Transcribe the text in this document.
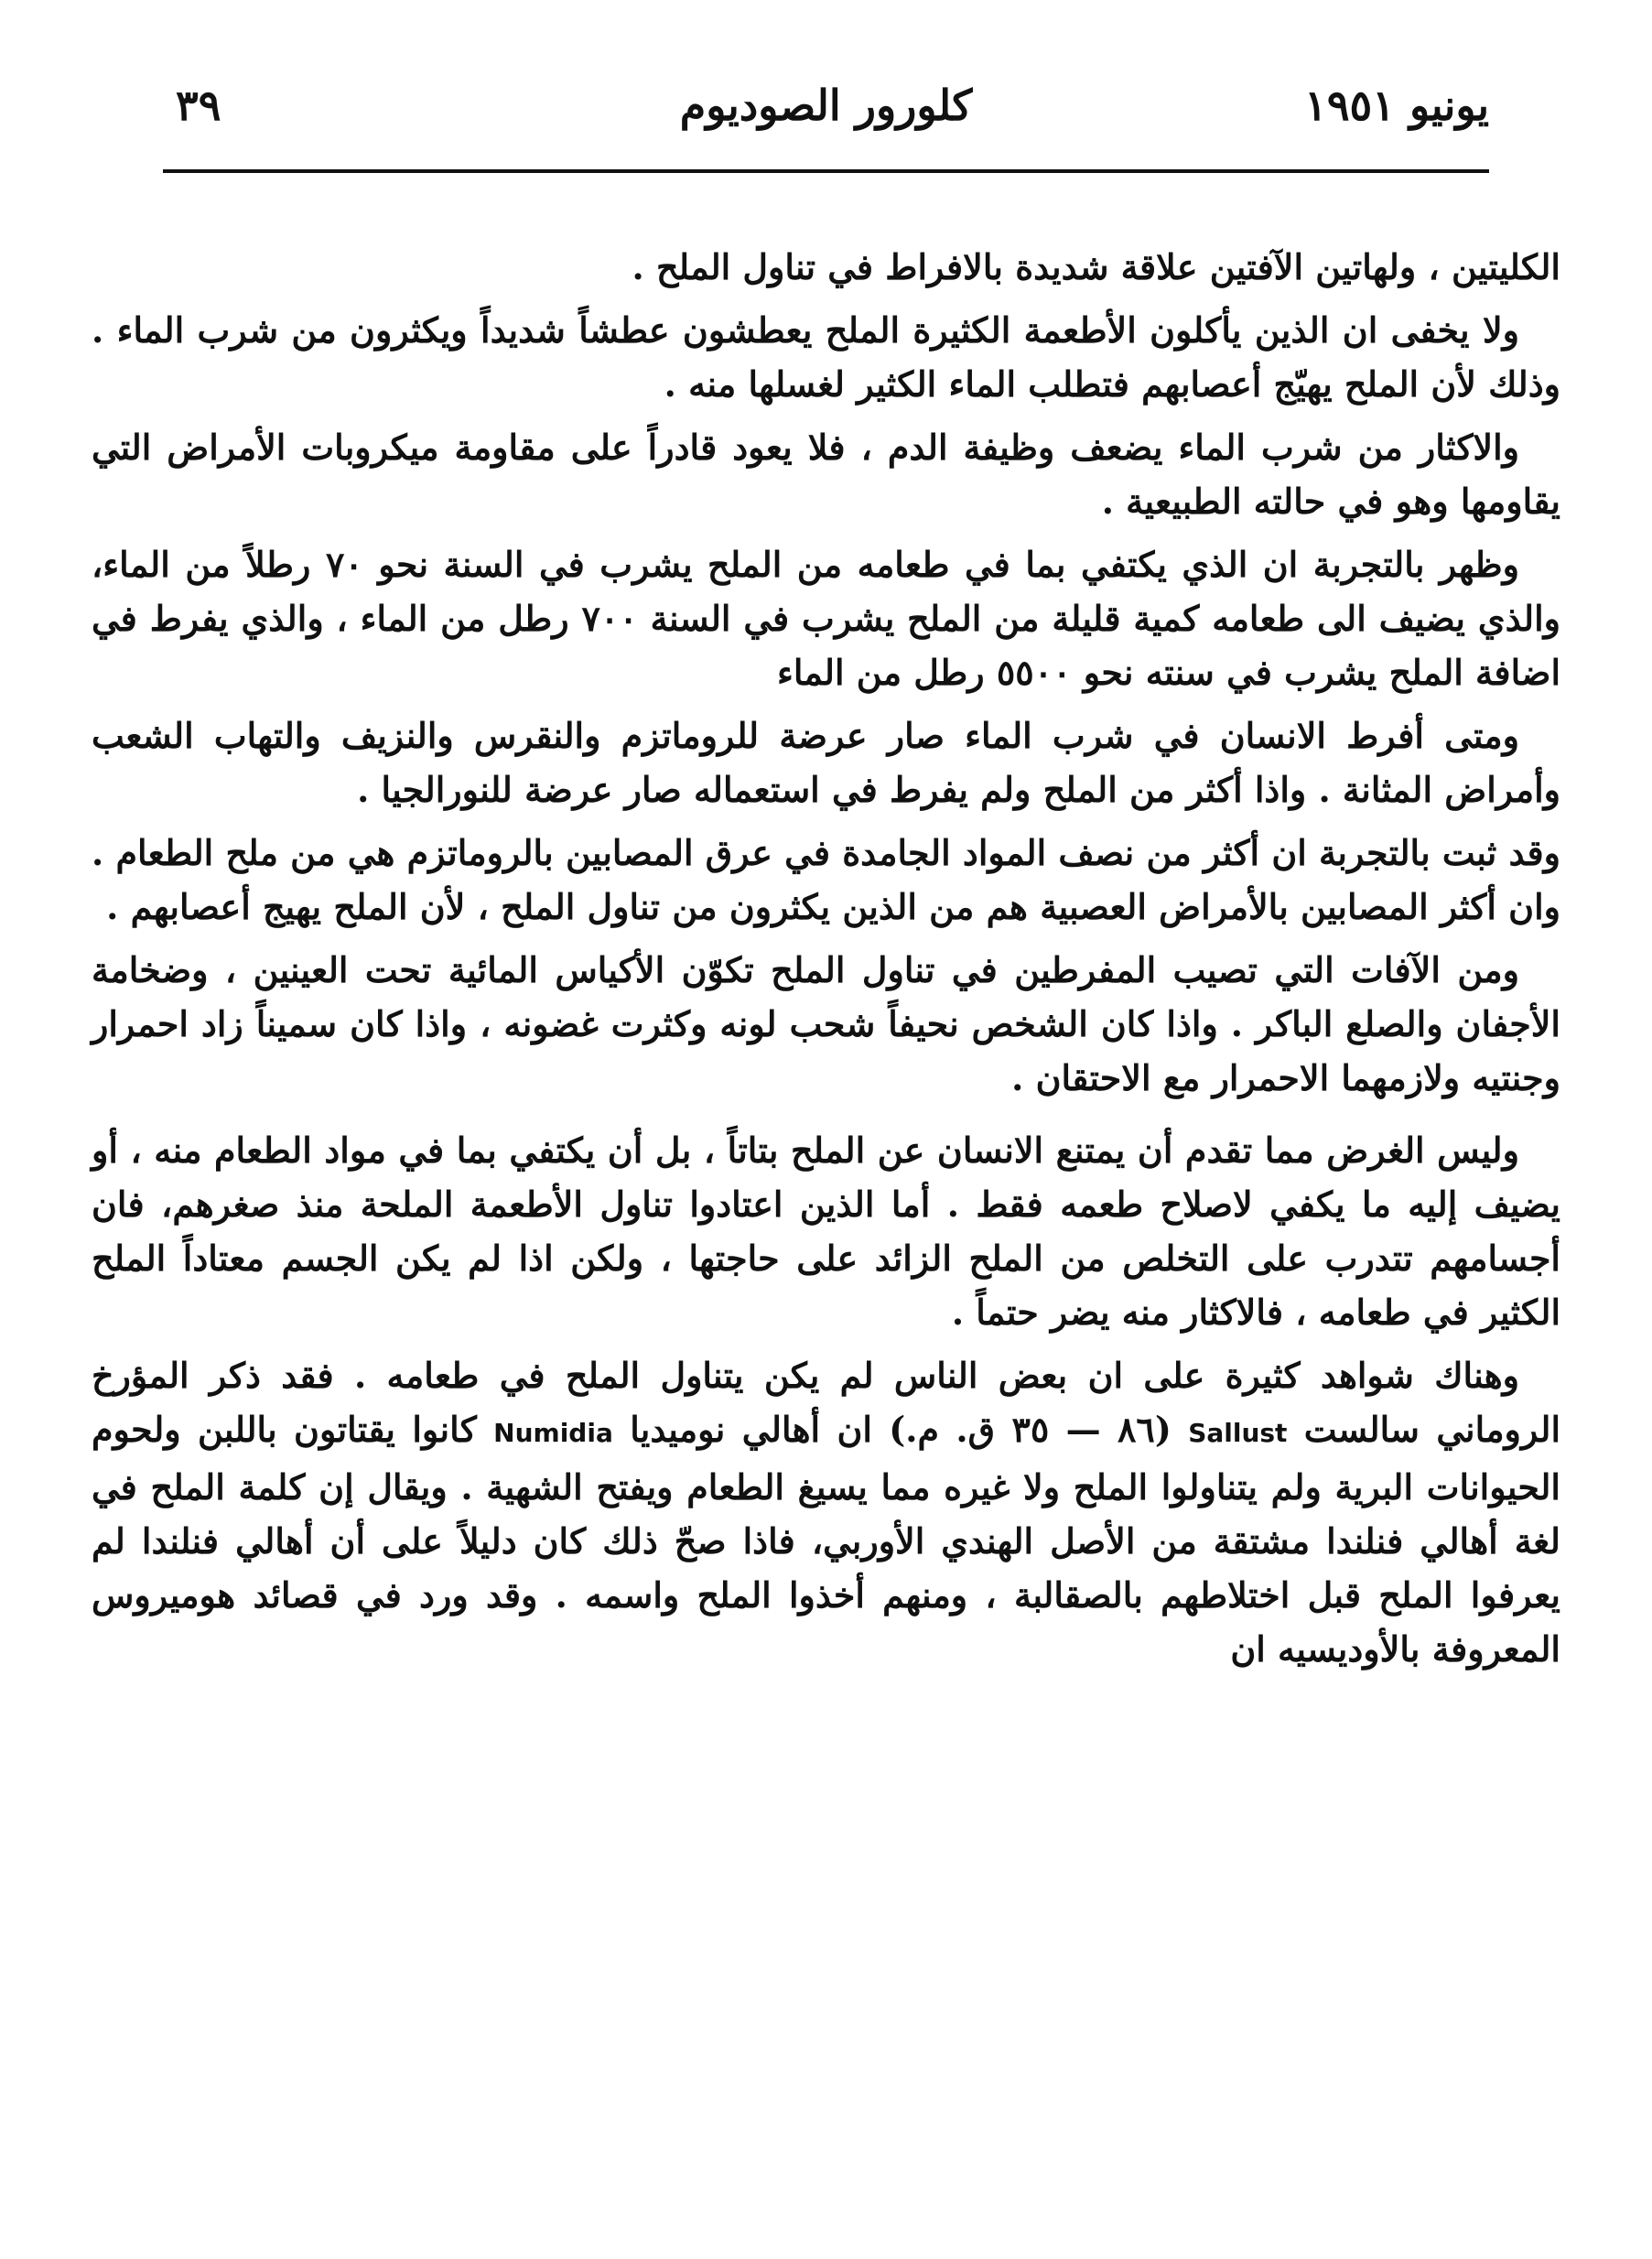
يونيو ١٩٥١
كلورور الصوديوم
٣٩

الكليتين ، ولهاتين الآفتين علاقة شديدة بالافراط في تناول الملح .

ولا يخفى ان الذين يأكلون الأطعمة الكثيرة الملح يعطشون عطشاً شديداً ويكثرون من شرب الماء . وذلك لأن الملح يهيّج أعصابهم فتطلب الماء الكثير لغسلها منه .

والاكثار من شرب الماء يضعف وظيفة الدم ، فلا يعود قادراً على مقاومة ميكروبات الأمراض التي يقاومها وهو في حالته الطبيعية .

وظهر بالتجربة ان الذي يكتفي بما في طعامه من الملح يشرب في السنة نحو ٧٠ رطلاً من الماء، والذي يضيف الى طعامه كمية قليلة من الملح يشرب في السنة ٧٠٠ رطل من الماء ، والذي يفرط في اضافة الملح يشرب في سنته نحو ٥٥٠٠ رطل من الماء

ومتى أفرط الانسان في شرب الماء صار عرضة للروماتزم والنقرس والنزيف والتهاب الشعب وأمراض المثانة . واذا أكثر من الملح ولم يفرط في استعماله صار عرضة للنورالجيا .

وقد ثبت بالتجربة ان أكثر من نصف المواد الجامدة في عرق المصابين بالروماتزم هي من ملح الطعام . وان أكثر المصابين بالأمراض العصبية هم من الذين يكثرون من تناول الملح ، لأن الملح يهيج أعصابهم .

ومن الآفات التي تصيب المفرطين في تناول الملح تكوّن الأكياس المائية تحت العينين ، وضخامة الأجفان والصلع الباكر . واذا كان الشخص نحيفاً شحب لونه وكثرت غضونه ، واذا كان سميناً زاد احمرار وجنتيه ولازمهما الاحمرار مع الاحتقان .

وليس الغرض مما تقدم أن يمتنع الانسان عن الملح بتاتاً ، بل أن يكتفي بما في مواد الطعام منه ، أو يضيف إليه ما يكفي لاصلاح طعمه فقط . أما الذين اعتادوا تناول الأطعمة الملحة منذ صغرهم، فان أجسامهم تتدرب على التخلص من الملح الزائد على حاجتها ، ولكن اذا لم يكن الجسم معتاداً الملح الكثير في طعامه ، فالاكثار منه يضر حتماً .

وهناك شواهد كثيرة على ان بعض الناس لم يكن يتناول الملح في طعامه . فقد ذكر المؤرخ الروماني سالست Sallust (٨٦ — ٣٥ ق. م.) ان أهالي نوميديا Numidia كانوا يقتاتون باللبن ولحوم الحيوانات البرية ولم يتناولوا الملح ولا غيره مما يسيغ الطعام ويفتح الشهية . ويقال إن كلمة الملح في لغة أهالي فنلندا مشتقة من الأصل الهندي الأوربي، فاذا صحّ ذلك كان دليلاً على أن أهالي فنلندا لم يعرفوا الملح قبل اختلاطهم بالصقالبة ، ومنهم أخذوا الملح واسمه . وقد ورد في قصائد هوميروس المعروفة بالأوديسيه ان
